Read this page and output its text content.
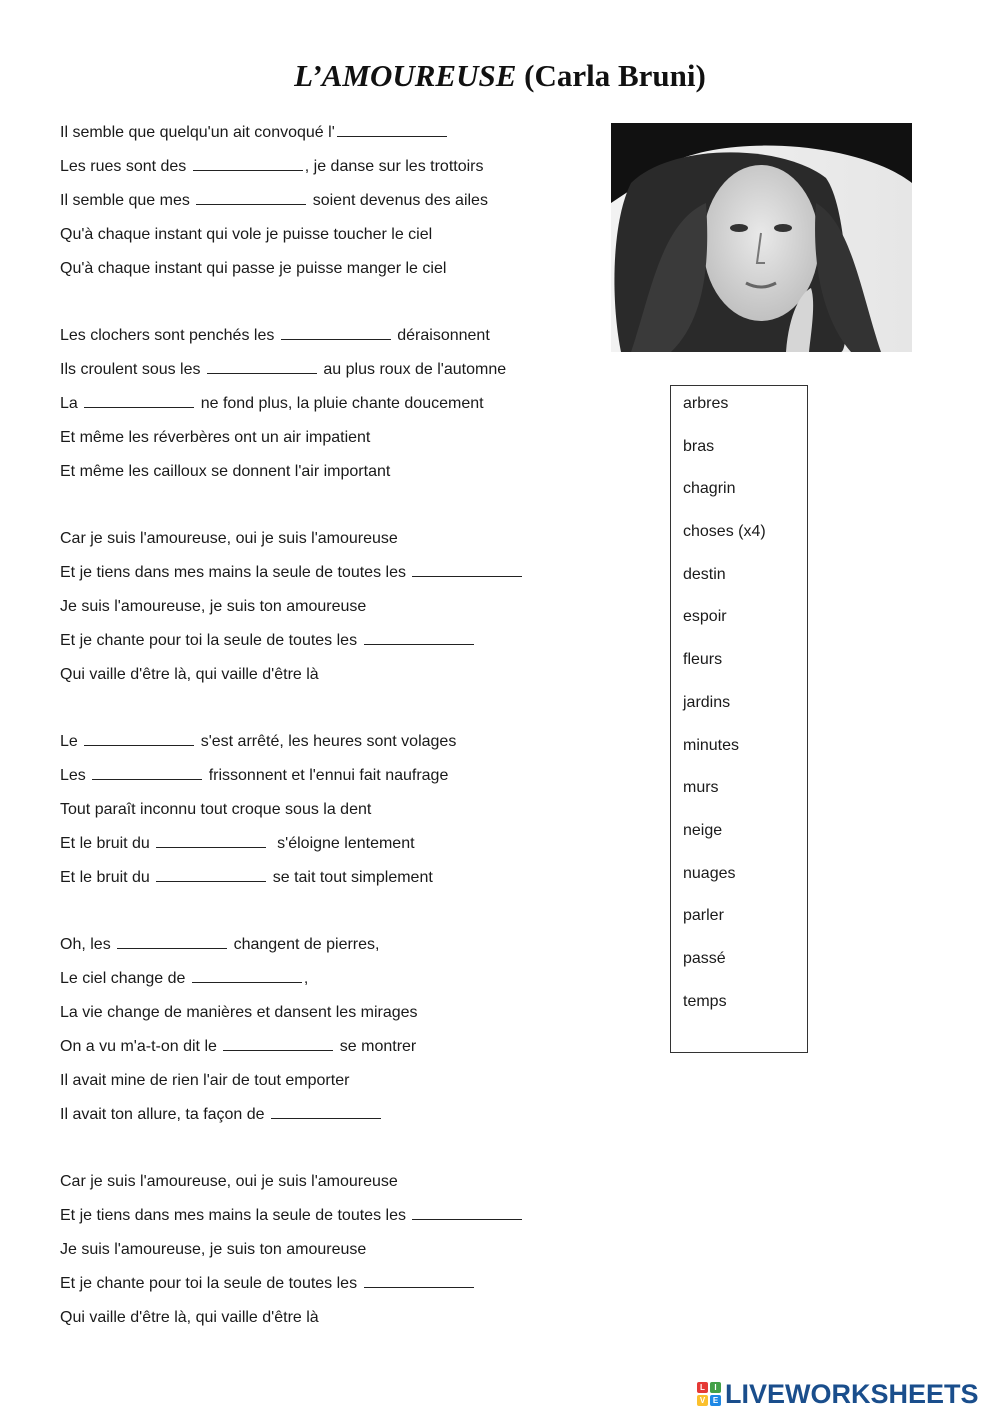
L’AMOUREUSE (Carla Bruni)
Il semble que quelqu'un ait convoqué l'
Les rues sont des	, je danse sur les trottoirs
Il semble que mes	soient devenus des ailes
Qu'à chaque instant qui vole je puisse toucher le ciel
Qu'à chaque instant qui passe je puisse manger le ciel
Les clochers sont penchés les	déraisonnent
Ils croulent sous les	au plus roux de l'automne
La	ne fond plus, la pluie chante doucement
Et même les réverbères ont un air impatient
Et même les cailloux se donnent l'air important
Car je suis l'amoureuse, oui je suis l'amoureuse
Et je tiens dans mes mains la seule de toutes les
Je suis l'amoureuse, je suis ton amoureuse
Et je chante pour toi la seule de toutes les
Qui vaille d'être là, qui vaille d'être là
Le	s'est arrêté, les heures sont volages
Les	frissonnent et l'ennui fait naufrage
Tout paraît inconnu tout croque sous la dent
Et le bruit du	s'éloigne lentement
Et le bruit du	se tait tout simplement
Oh, les	changent de pierres,
Le ciel change de	,
La vie change de manières et dansent les mirages
On a vu m'a-t-on dit le	se montrer
Il avait mine de rien l'air de tout emporter
Il avait ton allure, ta façon de
Car je suis l'amoureuse, oui je suis l'amoureuse
Et je tiens dans mes mains la seule de toutes les
Je suis l'amoureuse, je suis ton amoureuse
Et je chante pour toi la seule de toutes les
Qui vaille d'être là, qui vaille d'être là
arbres
bras
chagrin
choses (x4)
destin
espoir
fleurs
jardins
minutes
murs
neige
nuages
parler
passé
temps
L	I
V E LIVEWORKSHEETS
